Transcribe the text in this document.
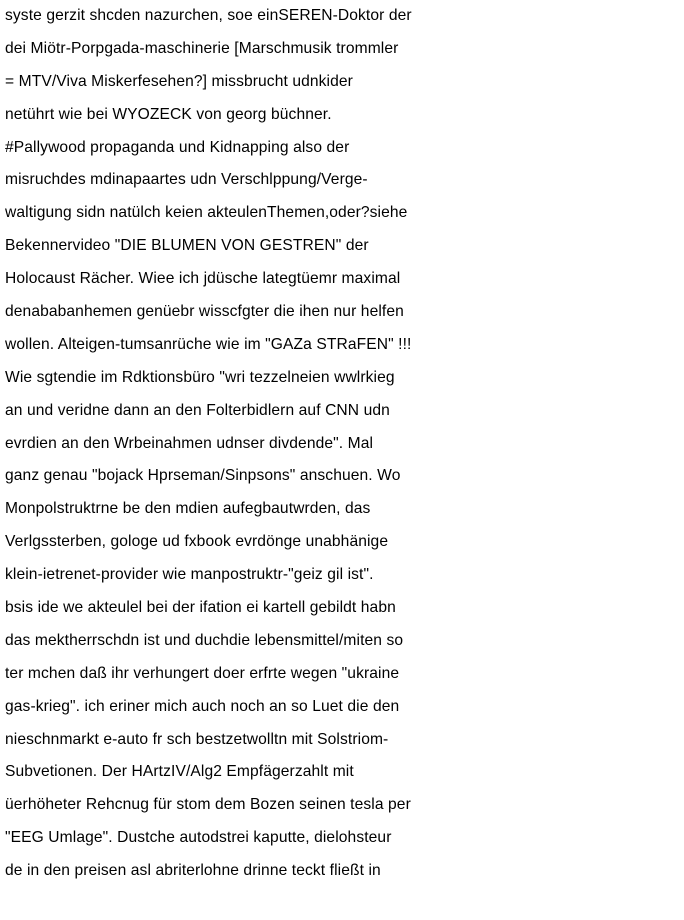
syste gerzit shcden nazurchen, soe einSEREN-Doktor der
dei Miötr-Porpgada-maschinerie [Marschmusik trommler
= MTV/Viva Miskerfesehen?] missbrucht udnkider
netührt wie bei WYOZECK von georg büchner.
#Pallywood propaganda und Kidnapping also der
misruchdes mdinapaartes udn Verschlppung/Verge-
waltigung sidn natülch keien akteulenThemen,oder?siehe
Bekennervideo "DIE BLUMEN VON GESTREN" der
Holocaust Rächer. Wiee ich jdüsche lategtüemr maximal
denababanhemen genüebr wisscfgter die ihen nur helfen
wollen. Alteigen-tumsanrüche wie im "GAZa STRaFEN" !!!
Wie sgtendie im Rdktionsbüro "wri tezzelneien wwlrkieg
an und veridne dann an den Folterbidlern auf CNN udn
evrdien an den Wrbeinahmen udnser divdende". Mal
ganz genau "bojack Hprseman/Sinpsons" anschuen. Wo
Monpolstruktrne be den mdien aufegbautwrden, das
Verlgssterben, gologe ud fxbook evrdönge unabhänige
klein-ietrenet-provider wie manpostruktr-"geiz gil ist".
bsis ide we akteulel bei der ifation ei kartell gebildt habn
das mektherrschdn ist und duchdie lebensmittel/miten so
ter mchen daß ihr verhungert doer erfrte wegen "ukraine
gas-krieg". ich eriner mich auch noch an so Luet die den
nieschnmarkt e-auto fr sch bestzetwolltn mit Solstriom-
Subvetionen. Der HArtzIV/Alg2 Empfägerzahlt mit
üerhöheter Rehcnug für stom dem Bozen seinen tesla per
"EEG Umlage". Dustche autodstrei kaputte, dielohsteur
de in den preisen asl abriterlohne drinne teckt fließt in
